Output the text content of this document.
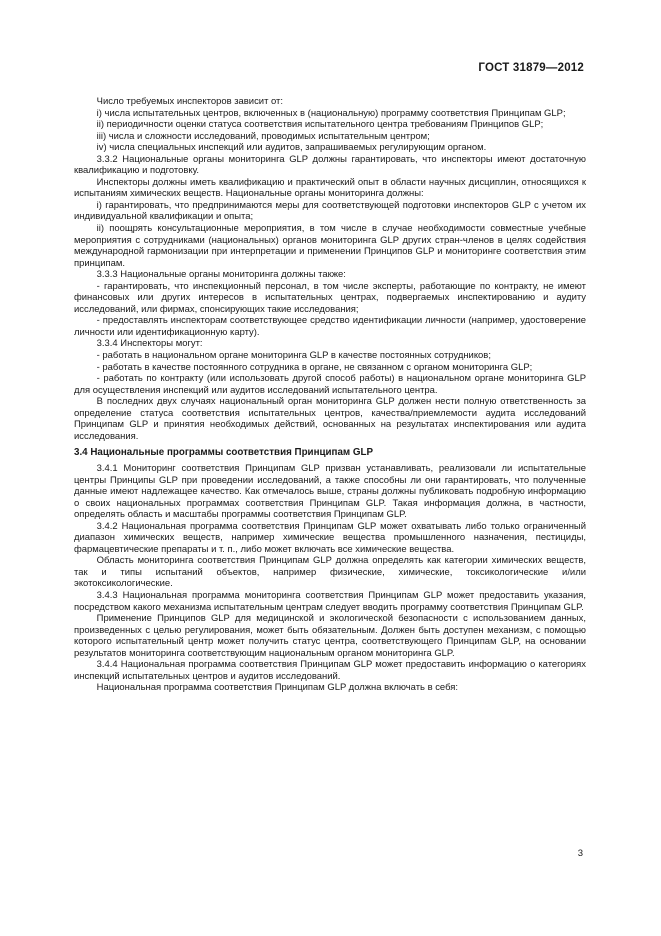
ГОСТ 31879—2012

Число требуемых инспекторов зависит от:

i) числа испытательных центров, включенных в (национальную) программу соответствия Принципам GLP;

ii) периодичности оценки статуса соответствия испытательного центра требованиям Принципов GLP;

iii) числа и сложности исследований, проводимых испытательным центром;

iv) числа специальных инспекций или аудитов, запрашиваемых регулирующим органом.

3.3.2 Национальные органы мониторинга GLP должны гарантировать, что инспекторы имеют достаточную квалификацию и подготовку.

Инспекторы должны иметь квалификацию и практический опыт в области научных дисциплин, относящихся к испытаниям химических веществ. Национальные органы мониторинга должны:

i) гарантировать, что предпринимаются меры для соответствующей подготовки инспекторов GLP с учетом их индивидуальной квалификации и опыта;

ii) поощрять консультационные мероприятия, в том числе в случае необходимости совместные учебные мероприятия с сотрудниками (национальных) органов мониторинга GLP других стран-членов в целях содействия международной гармонизации при интерпретации и применении Принципов GLP и мониторинге соответствия этим принципам.

3.3.3 Национальные органы мониторинга должны также:

- гарантировать, что инспекционный персонал, в том числе эксперты, работающие по контракту, не имеют финансовых или других интересов в испытательных центрах, подвергаемых инспектированию и аудиту исследований, или фирмах, спонсирующих такие исследования;

- предоставлять инспекторам соответствующее средство идентификации личности (например, удостоверение личности или идентификационную карту).

3.3.4 Инспекторы могут:

- работать в национальном органе мониторинга GLP в качестве постоянных сотрудников;

- работать в качестве постоянного сотрудника в органе, не связанном с органом мониторинга GLP;

- работать по контракту (или использовать другой способ работы) в национальном органе мониторинга GLP для осуществления инспекций или аудитов исследований испытательного центра.

В последних двух случаях национальный орган мониторинга GLP должен нести полную ответственность за определение статуса соответствия испытательных центров, качества/приемлемости аудита исследований Принципам GLP и принятия необходимых действий, основанных на результатах инспектирования или аудита исследования.

3.4 Национальные программы соответствия Принципам GLP

3.4.1 Мониторинг соответствия Принципам GLP призван устанавливать, реализовали ли испытательные центры Принципы GLP при проведении исследований, а также способны ли они гарантировать, что полученные данные имеют надлежащее качество. Как отмечалось выше, страны должны публиковать подробную информацию о своих национальных программах соответствия Принципам GLP. Такая информация должна, в частности, определять область и масштабы программы соответствия Принципам GLP.

3.4.2 Национальная программа соответствия Принципам GLP может охватывать либо только ограниченный диапазон химических веществ, например химические вещества промышленного назначения, пестициды, фармацевтические препараты и т. п., либо может включать все химические вещества.

Область мониторинга соответствия Принципам GLP должна определять как категории химических веществ, так и типы испытаний объектов, например физические, химические, токсикологические и/или экотоксикологические.

3.4.3 Национальная программа мониторинга соответствия Принципам GLP может предоставить указания, посредством какого механизма испытательным центрам следует вводить программу соответствия Принципам GLP.

Применение Принципов GLP для медицинской и экологической безопасности с использованием данных, произведенных с целью регулирования, может быть обязательным. Должен быть доступен механизм, с помощью которого испытательный центр может получить статус центра, соответствующего Принципам GLP, на основании результатов мониторинга соответствующим национальным органом мониторинга GLP.

3.4.4 Национальная программа соответствия Принципам GLP может предоставить информацию о категориях инспекций испытательных центров и аудитов исследований.

Национальная программа соответствия Принципам GLP должна включать в себя:

3
